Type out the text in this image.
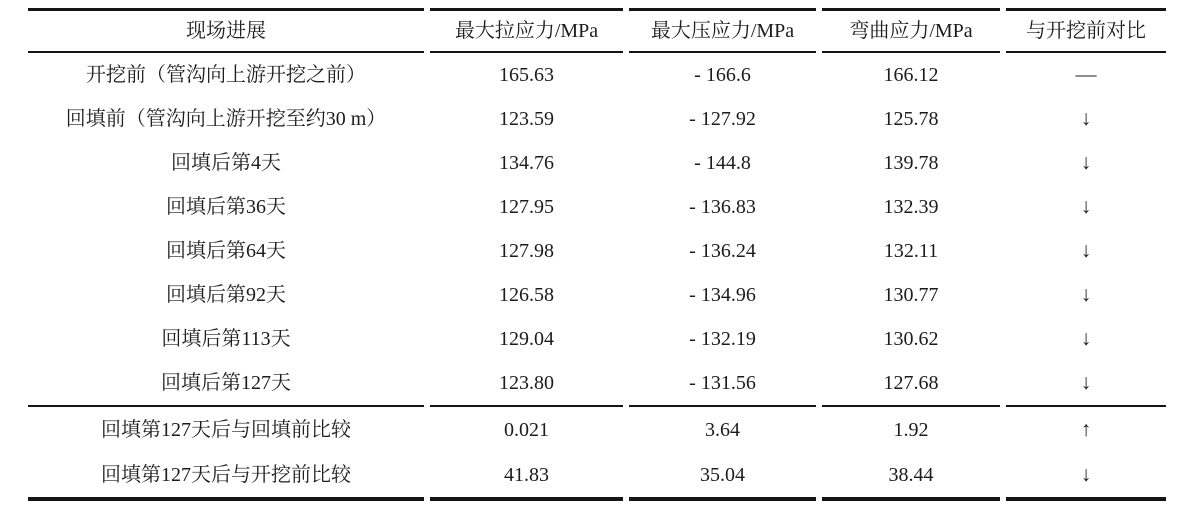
现场进展	最大拉应力/MPa	最大压应力/MPa	弯曲应力/MPa	与开挖前对比
开挖前（管沟向上游开挖之前）	165.63	- 166.6	166.12	—
回填前（管沟向上游开挖至约30 m）	123.59	- 127.92	125.78	↓
回填后第4天	134.76	- 144.8	139.78	↓
回填后第36天	127.95	- 136.83	132.39	↓
回填后第64天	127.98	- 136.24	132.11	↓
回填后第92天	126.58	- 134.96	130.77	↓
回填后第113天	129.04	- 132.19	130.62	↓
回填后第127天	123.80	- 131.56	127.68	↓
回填第127天后与回填前比较	0.021	3.64	1.92	↑
回填第127天后与开挖前比较	41.83	35.04	38.44	↓
